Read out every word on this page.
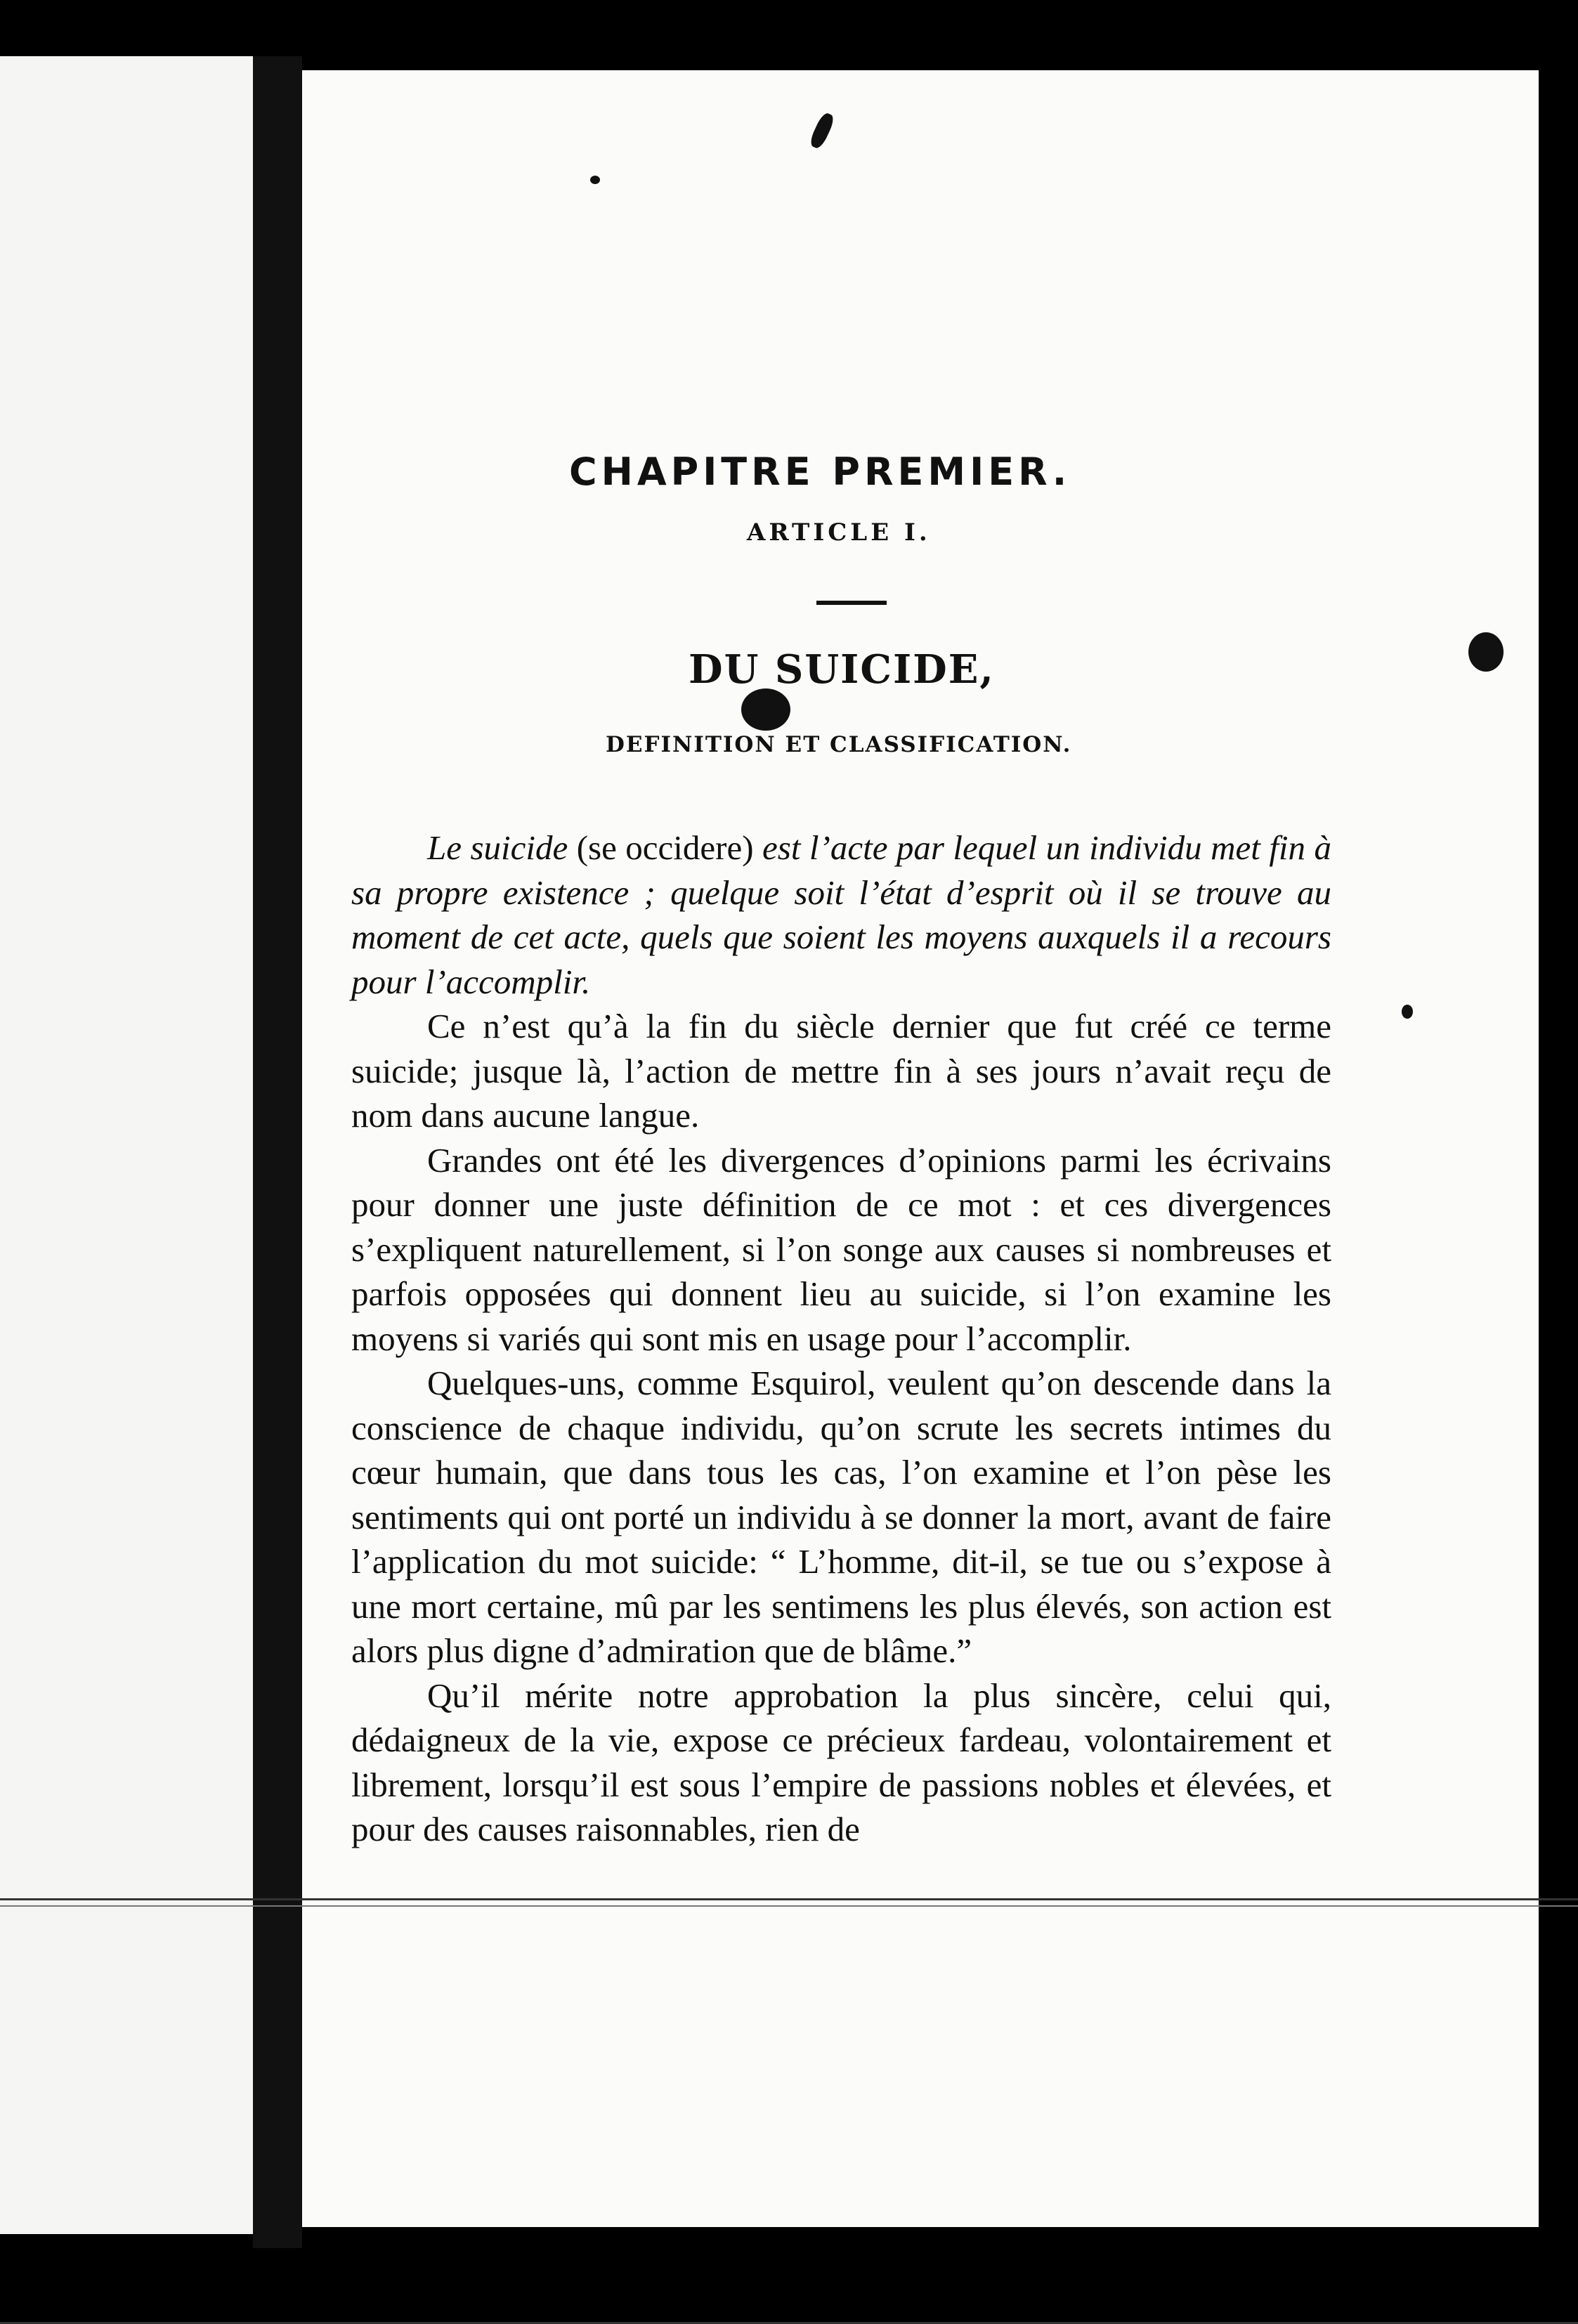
CHAPITRE PREMIER.
ARTICLE I.
DU SUICIDE,
DEFINITION ET CLASSIFICATION.

Le suicide (se occidere) est l’acte par lequel un individu met fin à sa propre existence ; quelque soit l’état d’esprit où il se trouve au moment de cet acte, quels que soient les moyens auxquels il a recours pour l’accomplir.

Ce n’est qu’à la fin du siècle dernier que fut créé ce terme suicide; jusque là, l’action de mettre fin à ses jours n’avait reçu de nom dans aucune langue.

Grandes ont été les divergences d’opinions parmi les écrivains pour donner une juste définition de ce mot : et ces divergences s’expliquent naturellement, si l’on songe aux causes si nombreuses et parfois opposées qui donnent lieu au suicide, si l’on examine les moyens si variés qui sont mis en usage pour l’accomplir.

Quelques-uns, comme Esquirol, veulent qu’on descende dans la conscience de chaque individu, qu’on scrute les secrets intimes du cœur humain, que dans tous les cas, l’on examine et l’on pèse les sentiments qui ont porté un individu à se donner la mort, avant de faire l’application du mot suicide: “ L’homme, dit-il, se tue ou s’expose à une mort certaine, mû par les sentimens les plus élevés, son action est alors plus digne d’admiration que de blâme.”

Qu’il mérite notre approbation la plus sincère, celui qui, dédaigneux de la vie, expose ce précieux fardeau, volontairement et librement, lorsqu’il est sous l’empire de passions nobles et élevées, et pour des causes raisonnables, rien de
